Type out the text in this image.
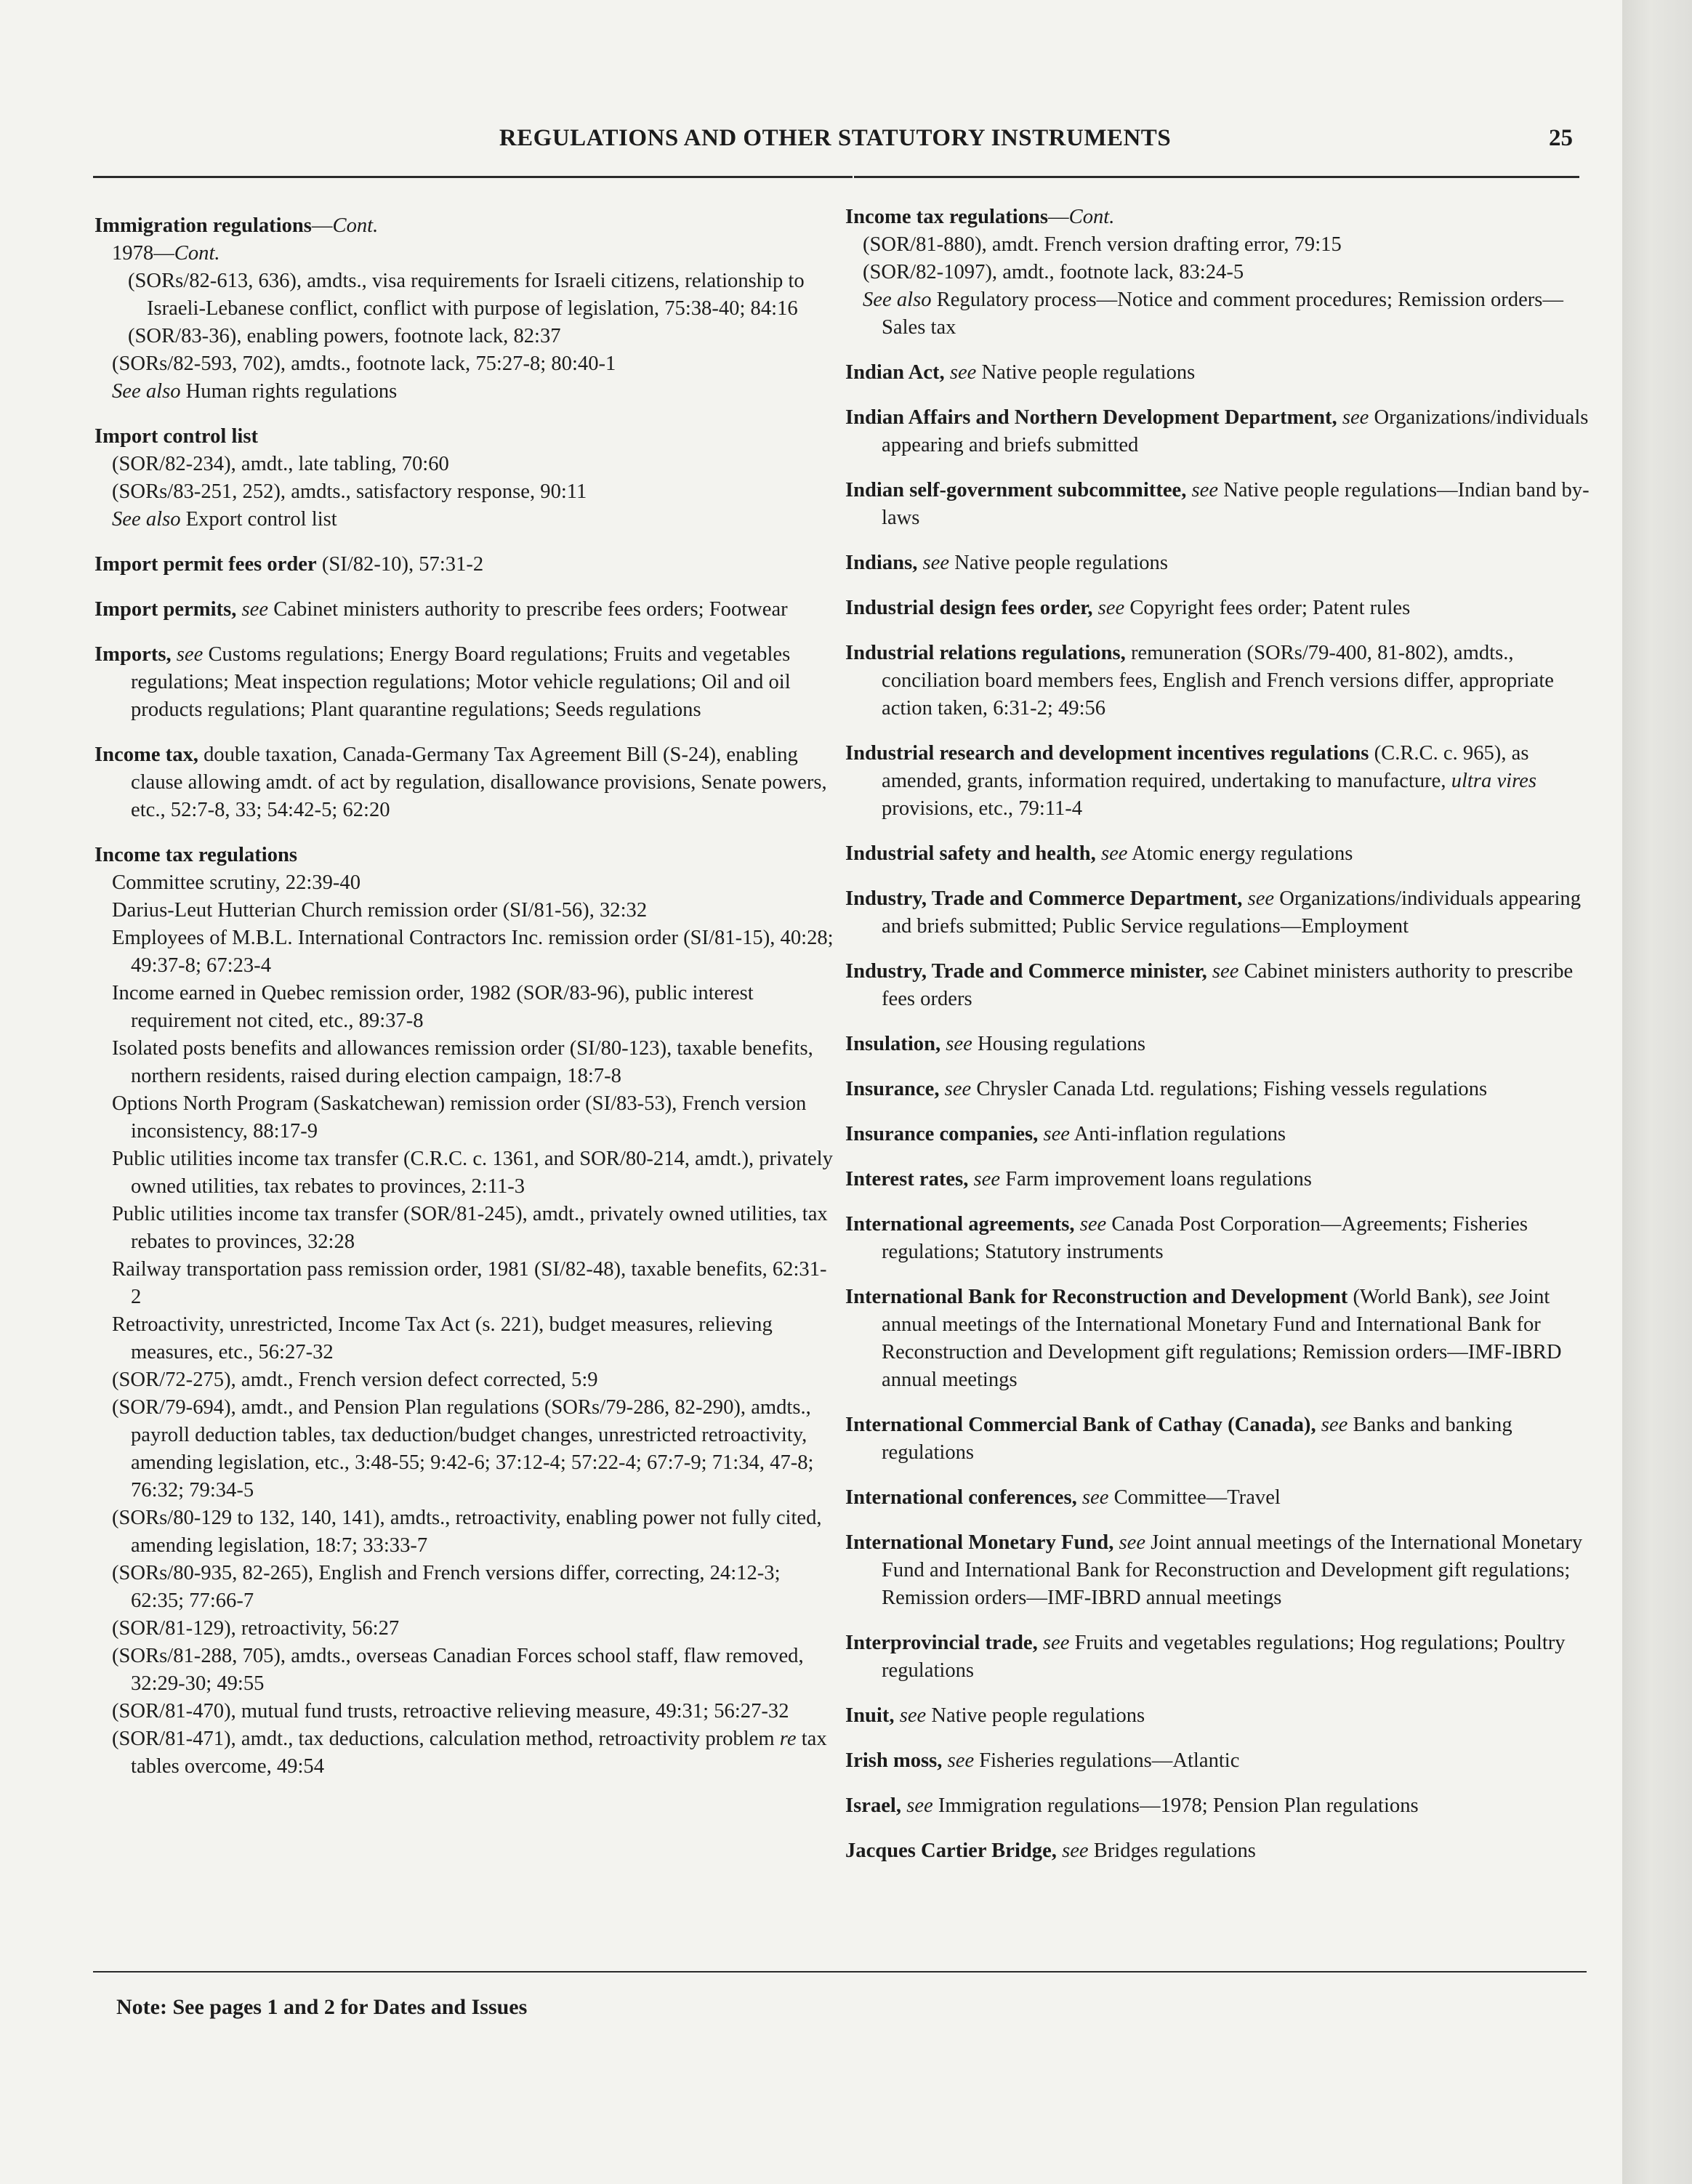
REGULATIONS AND OTHER STATUTORY INSTRUMENTS	25
Immigration regulations—Cont.
1978—Cont.
(SORs/82-613, 636), amdts., visa requirements for Israeli citizens, relationship to Israeli-Lebanese conflict, conflict with purpose of legislation, 75:38-40; 84:16
(SOR/83-36), enabling powers, footnote lack, 82:37
(SORs/82-593, 702), amdts., footnote lack, 75:27-8; 80:40-1
See also Human rights regulations
Import control list
(SOR/82-234), amdt., late tabling, 70:60
(SORs/83-251, 252), amdts., satisfactory response, 90:11
See also Export control list
Import permit fees order (SI/82-10), 57:31-2
Import permits, see Cabinet ministers authority to prescribe fees orders; Footwear
Imports, see Customs regulations; Energy Board regulations; Fruits and vegetables regulations; Meat inspection regulations; Motor vehicle regulations; Oil and oil products regulations; Plant quarantine regulations; Seeds regulations
Income tax, double taxation, Canada-Germany Tax Agreement Bill (S-24), enabling clause allowing amdt. of act by regulation, disallowance provisions, Senate powers, etc., 52:7-8, 33; 54:42-5; 62:20
Income tax regulations
Committee scrutiny, 22:39-40
Darius-Leut Hutterian Church remission order (SI/81-56), 32:32
Employees of M.B.L. International Contractors Inc. remission order (SI/81-15), 40:28; 49:37-8; 67:23-4
Income earned in Quebec remission order, 1982 (SOR/83-96), public interest requirement not cited, etc., 89:37-8
Isolated posts benefits and allowances remission order (SI/80-123), taxable benefits, northern residents, raised during election campaign, 18:7-8
Options North Program (Saskatchewan) remission order (SI/83-53), French version inconsistency, 88:17-9
Public utilities income tax transfer (C.R.C. c. 1361, and SOR/80-214, amdt.), privately owned utilities, tax rebates to provinces, 2:11-3
Public utilities income tax transfer (SOR/81-245), amdt., privately owned utilities, tax rebates to provinces, 32:28
Railway transportation pass remission order, 1981 (SI/82-48), taxable benefits, 62:31-2
Retroactivity, unrestricted, Income Tax Act (s. 221), budget measures, relieving measures, etc., 56:27-32
(SOR/72-275), amdt., French version defect corrected, 5:9
(SOR/79-694), amdt., and Pension Plan regulations (SORs/79-286, 82-290), amdts., payroll deduction tables, tax deduction/budget changes, unrestricted retroactivity, amending legislation, etc., 3:48-55; 9:42-6; 37:12-4; 57:22-4; 67:7-9; 71:34, 47-8; 76:32; 79:34-5
(SORs/80-129 to 132, 140, 141), amdts., retroactivity, enabling power not fully cited, amending legislation, 18:7; 33:33-7
(SORs/80-935, 82-265), English and French versions differ, correcting, 24:12-3; 62:35; 77:66-7
(SOR/81-129), retroactivity, 56:27
(SORs/81-288, 705), amdts., overseas Canadian Forces school staff, flaw removed, 32:29-30; 49:55
(SOR/81-470), mutual fund trusts, retroactive relieving measure, 49:31; 56:27-32
(SOR/81-471), amdt., tax deductions, calculation method, retroactivity problem re tax tables overcome, 49:54
Income tax regulations—Cont.
(SOR/81-880), amdt. French version drafting error, 79:15
(SOR/82-1097), amdt., footnote lack, 83:24-5
See also Regulatory process—Notice and comment procedures; Remission orders—Sales tax
Indian Act, see Native people regulations
Indian Affairs and Northern Development Department, see Organizations/individuals appearing and briefs submitted
Indian self-government subcommittee, see Native people regulations—Indian band by-laws
Indians, see Native people regulations
Industrial design fees order, see Copyright fees order; Patent rules
Industrial relations regulations, remuneration (SORs/79-400, 81-802), amdts., conciliation board members fees, English and French versions differ, appropriate action taken, 6:31-2; 49:56
Industrial research and development incentives regulations (C.R.C. c. 965), as amended, grants, information required, undertaking to manufacture, ultra vires provisions, etc., 79:11-4
Industrial safety and health, see Atomic energy regulations
Industry, Trade and Commerce Department, see Organizations/individuals appearing and briefs submitted; Public Service regulations—Employment
Industry, Trade and Commerce minister, see Cabinet ministers authority to prescribe fees orders
Insulation, see Housing regulations
Insurance, see Chrysler Canada Ltd. regulations; Fishing vessels regulations
Insurance companies, see Anti-inflation regulations
Interest rates, see Farm improvement loans regulations
International agreements, see Canada Post Corporation—Agreements; Fisheries regulations; Statutory instruments
International Bank for Reconstruction and Development (World Bank), see Joint annual meetings of the International Monetary Fund and International Bank for Reconstruction and Development gift regulations; Remission orders—IMF-IBRD annual meetings
International Commercial Bank of Cathay (Canada), see Banks and banking regulations
International conferences, see Committee—Travel
International Monetary Fund, see Joint annual meetings of the International Monetary Fund and International Bank for Reconstruction and Development gift regulations; Remission orders—IMF-IBRD annual meetings
Interprovincial trade, see Fruits and vegetables regulations; Hog regulations; Poultry regulations
Inuit, see Native people regulations
Irish moss, see Fisheries regulations—Atlantic
Israel, see Immigration regulations—1978; Pension Plan regulations
Jacques Cartier Bridge, see Bridges regulations
Note: See pages 1 and 2 for Dates and Issues
